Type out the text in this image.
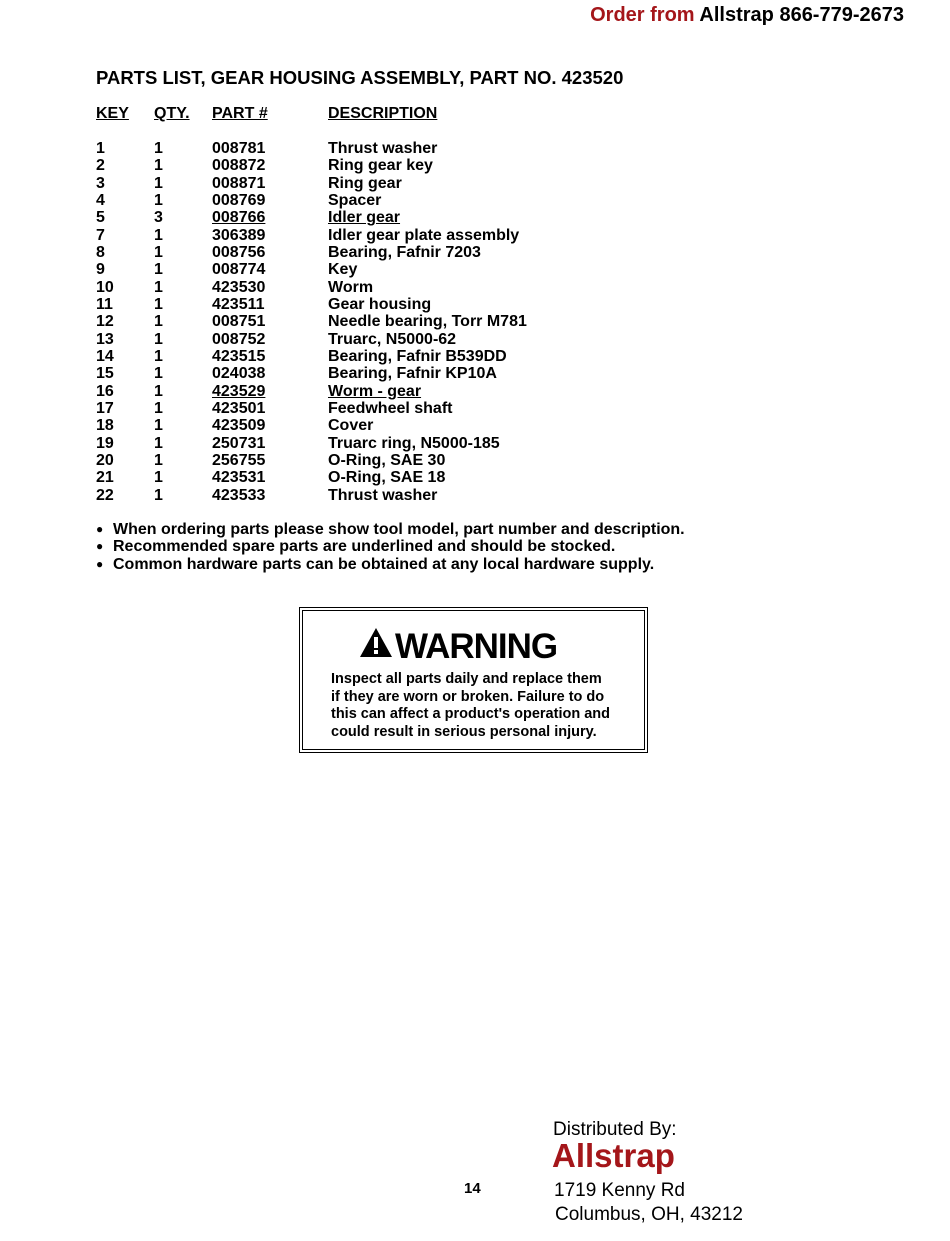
Order from Allstrap 866-779-2673
PARTS LIST, GEAR HOUSING ASSEMBLY, PART NO. 423520
KEY QTY. PART #	DESCRIPTION
1	1	008781	Thrust washer
2	1	008872	Ring gear key
3	1	008871	Ring gear
4	1	008769	Spacer
5	3	008766	Idler gear
7	1	306389	Idler gear plate assembly
8	1	008756	Bearing, Fafnir 7203
9	1	008774	Key
10	1	423530	Worm
11	1	423511	Gear housing
12	1	008751	Needle bearing, Torr M781
13	1	008752	Truarc, N5000-62
14	1	423515	Bearing, Fafnir B539DD
15	1	024038	Bearing, Fafnir KP10A
16	1	423529	Worm - gear
17	1	423501	Feedwheel shaft
18	1	423509	Cover
19	1	250731	Truarc ring, N5000-185
20	1	256755	O-Ring, SAE 30
21	1	423531	O-Ring, SAE 18
22	1	423533	Thrust washer
● When ordering parts please show tool model, part number and description.
● Recommended spare parts are underlined and should be stocked.
● Common hardware parts can be obtained at any local hardware supply.
WARNING
Inspect all parts daily and replace them
if they are worn or broken. Failure to do
this can affect a product's operation and
could result in serious personal injury.
Distributed By:
Allstrap
14	1719 Kenny Rd
Columbus, OH, 43212
